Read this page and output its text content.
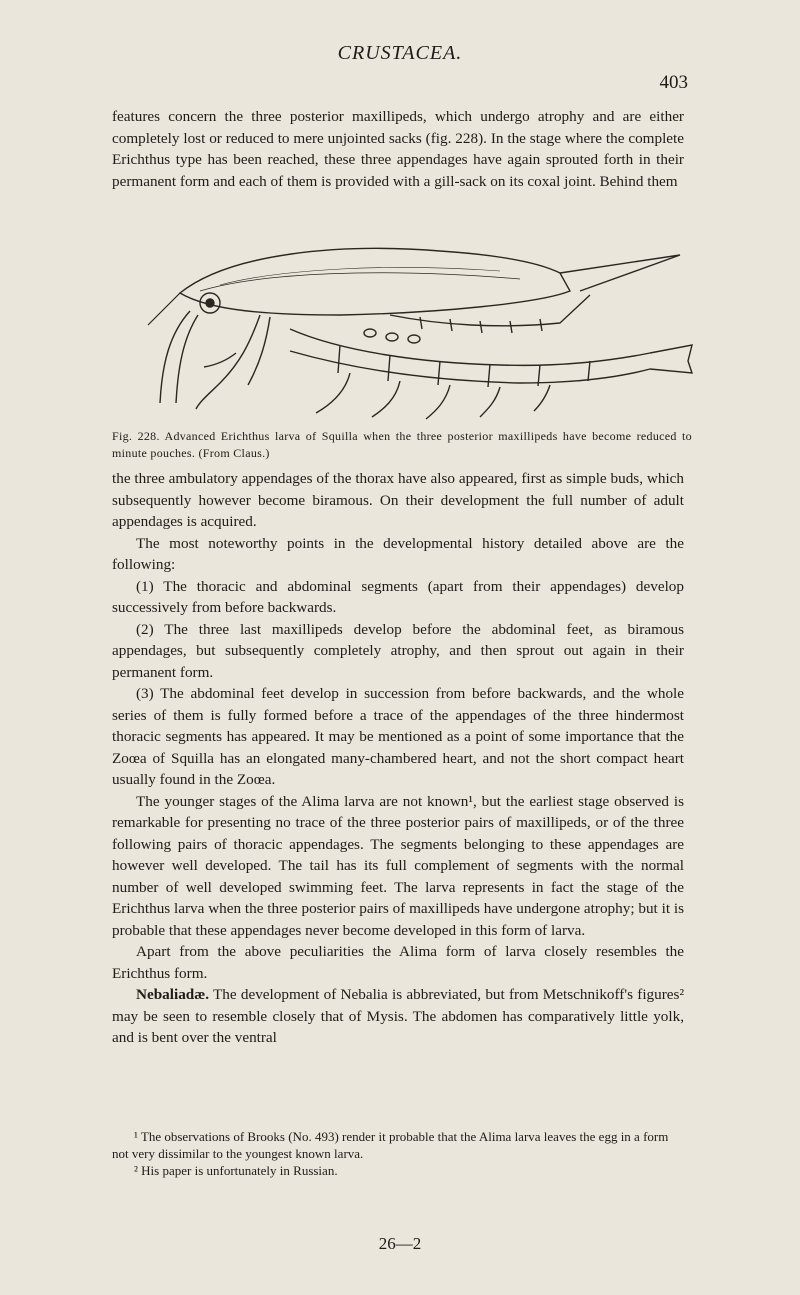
CRUSTACEA.
403

features concern the three posterior maxillipeds, which undergo atrophy and are either completely lost or reduced to mere unjointed sacks (fig. 228). In the stage where the complete Erichthus type has been reached, these three appendages have again sprouted forth in their permanent form and each of them is provided with a gill-sack on its coxal joint. Behind them

Fig. 228. Advanced Erichthus larva of Squilla when the three posterior maxillipeds have become reduced to minute pouches. (From Claus.)

the three ambulatory appendages of the thorax have also appeared, first as simple buds, which subsequently however become biramous. On their development the full number of adult appendages is acquired.

The most noteworthy points in the developmental history detailed above are the following:

(1) The thoracic and abdominal segments (apart from their appendages) develop successively from before backwards.

(2) The three last maxillipeds develop before the abdominal feet, as biramous appendages, but subsequently completely atrophy, and then sprout out again in their permanent form.

(3) The abdominal feet develop in succession from before backwards, and the whole series of them is fully formed before a trace of the appendages of the three hindermost thoracic segments has appeared. It may be mentioned as a point of some importance that the Zoœa of Squilla has an elongated many-chambered heart, and not the short compact heart usually found in the Zoœa.

The younger stages of the Alima larva are not known¹, but the earliest stage observed is remarkable for presenting no trace of the three posterior pairs of maxillipeds, or of the three following pairs of thoracic appendages. The segments belonging to these appendages are however well developed. The tail has its full complement of segments with the normal number of well developed swimming feet. The larva represents in fact the stage of the Erichthus larva when the three posterior pairs of maxillipeds have undergone atrophy; but it is probable that these appendages never become developed in this form of larva.

Apart from the above peculiarities the Alima form of larva closely resembles the Erichthus form.

Nebaliadæ. The development of Nebalia is abbreviated, but from Metschnikoff's figures² may be seen to resemble closely that of Mysis. The abdomen has comparatively little yolk, and is bent over the ventral

¹ The observations of Brooks (No. 493) render it probable that the Alima larva leaves the egg in a form not very dissimilar to the youngest known larva.

² His paper is unfortunately in Russian.

26—2
